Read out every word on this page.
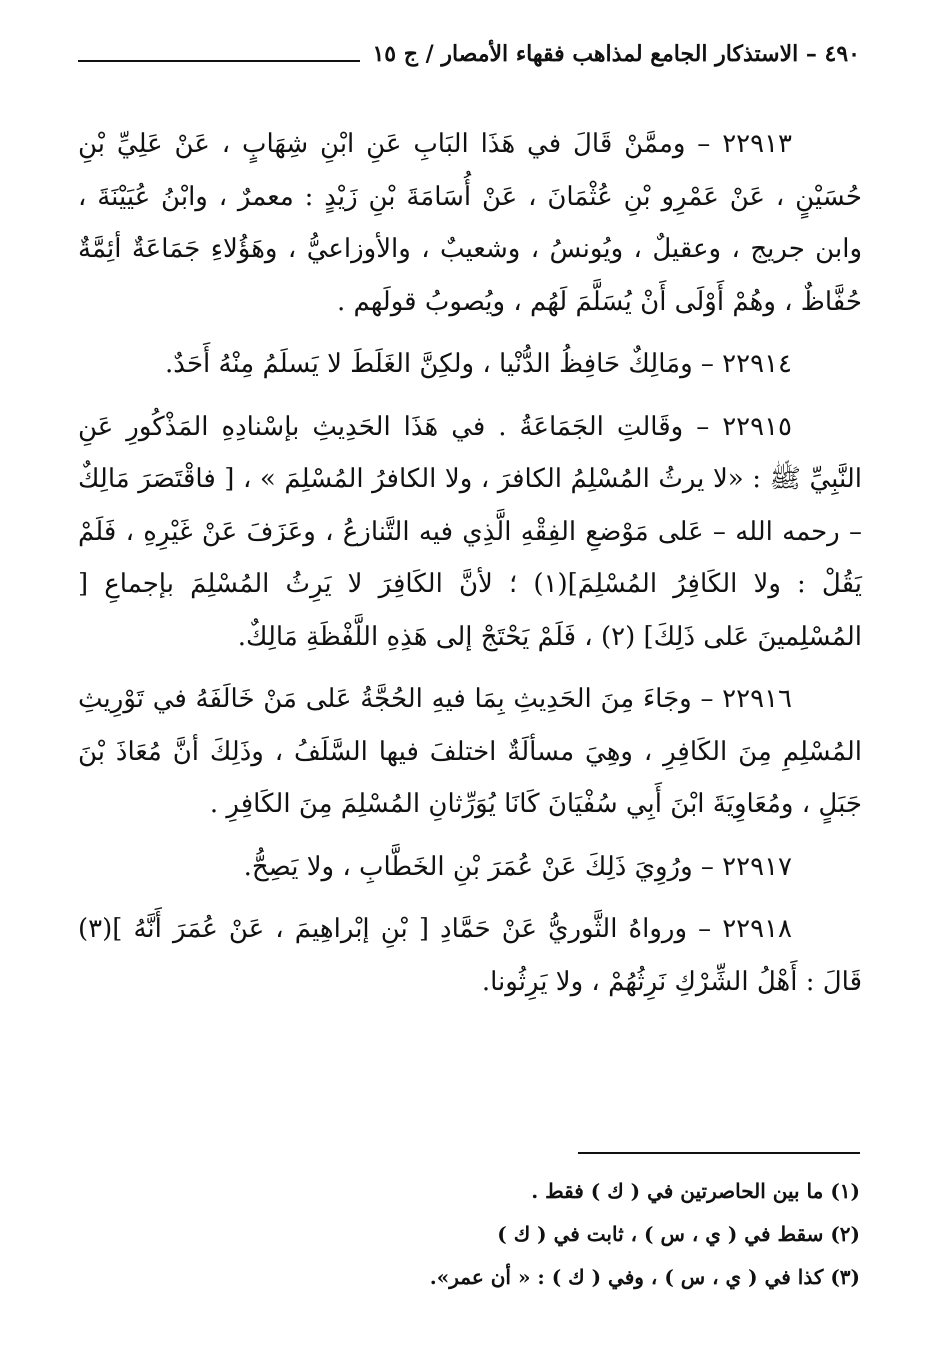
٤٩٠ – الاستذكار الجامع لمذاهب فقهاء الأمصار / ج ١٥

٢٢٩١٣ – وممَّنْ قَالَ في هَذَا البَابِ عَنِ ابْنِ شِهَابٍ ، عَنْ عَلِيِّ بْنِ حُسَيْنٍ ، عَنْ عَمْرِو بْنِ عُثْمَانَ ، عَنْ أُسَامَةَ بْنِ زَيْدٍ : معمرٌ ، وابْنُ عُيَيْنَةَ ، وابن جريج ، وعقيلٌ ، ويُونسُ ، وشعيبٌ ، والأوزاعيُّ ، وهَؤُلاءِ جَمَاعَةٌ أئِمَّةٌ حُفَّاظٌ ، وهُمْ أَوْلَى أَنْ يُسَلَّمَ لَهُم ، ويُصوبُ قولَهم .

٢٢٩١٤ – ومَالِكٌ حَافِظُ الدُّنْيا ، ولكِنَّ الغَلَطَ لا يَسلَمُ مِنْهُ أَحَدٌ.

٢٢٩١٥ – وقَالتِ الجَمَاعَةُ . في هَذَا الحَدِيثِ بإسْنادِهِ المَذْكُورِ عَنِ النَّبِيِّ ﷺ : «لا يرثُ المُسْلِمُ الكافرَ ، ولا الكافرُ المُسْلِمَ » ، [ فاقْتَصَرَ مَالِكٌ – رحمه الله – عَلى مَوْضعِ الفِقْهِ الَّذِي فيه التَّنازعُ ، وعَزَفَ عَنْ غَيْرِهِ ، فَلَمْ يَقُلْ : ولا الكَافِرُ المُسْلِمَ](١) ؛ لأنَّ الكَافِرَ لا يَرِثُ المُسْلِمَ بإجماعِ [ المُسْلِمينَ عَلى ذَلِكَ] (٢) ، فَلَمْ يَحْتَجْ إلى هَذِهِ اللَّفْظَةِ مَالِكٌ.

٢٢٩١٦ – وجَاءَ مِنَ الحَدِيثِ بِمَا فيهِ الحُجَّةُ عَلى مَنْ خَالَفَهُ في تَوْرِيثِ المُسْلِمِ مِنَ الكَافِرِ ، وهِيَ مسألَةٌ اختلفَ فيها السَّلَفُ ، وذَلِكَ أنَّ مُعَاذَ بْنَ جَبَلٍ ، ومُعَاوِيَةَ ابْنَ أَبِي سُفْيَانَ كَانَا يُوَرِّثانِ المُسْلِمَ مِنَ الكَافِرِ .

٢٢٩١٧ – ورُوِيَ ذَلِكَ عَنْ عُمَرَ بْنِ الخَطَّابِ ، ولا يَصِحُّ.

٢٢٩١٨ – ورواهُ الثَّوريُّ عَنْ حَمَّادِ [ بْنِ إبْراهِيمَ ، عَنْ عُمَرَ أَنَّهُ ](٣) قَالَ : أَهْلُ الشِّرْكِ نَرِثُهُمْ ، ولا يَرِثُونا.

(١) ما بين الحاصرتين في ( ك ) فقط .

(٢) سقط في ( ي ، س ) ، ثابت في ( ك )

(٣) كذا في ( ي ، س ) ، وفي ( ك ) : « أن عمر».
